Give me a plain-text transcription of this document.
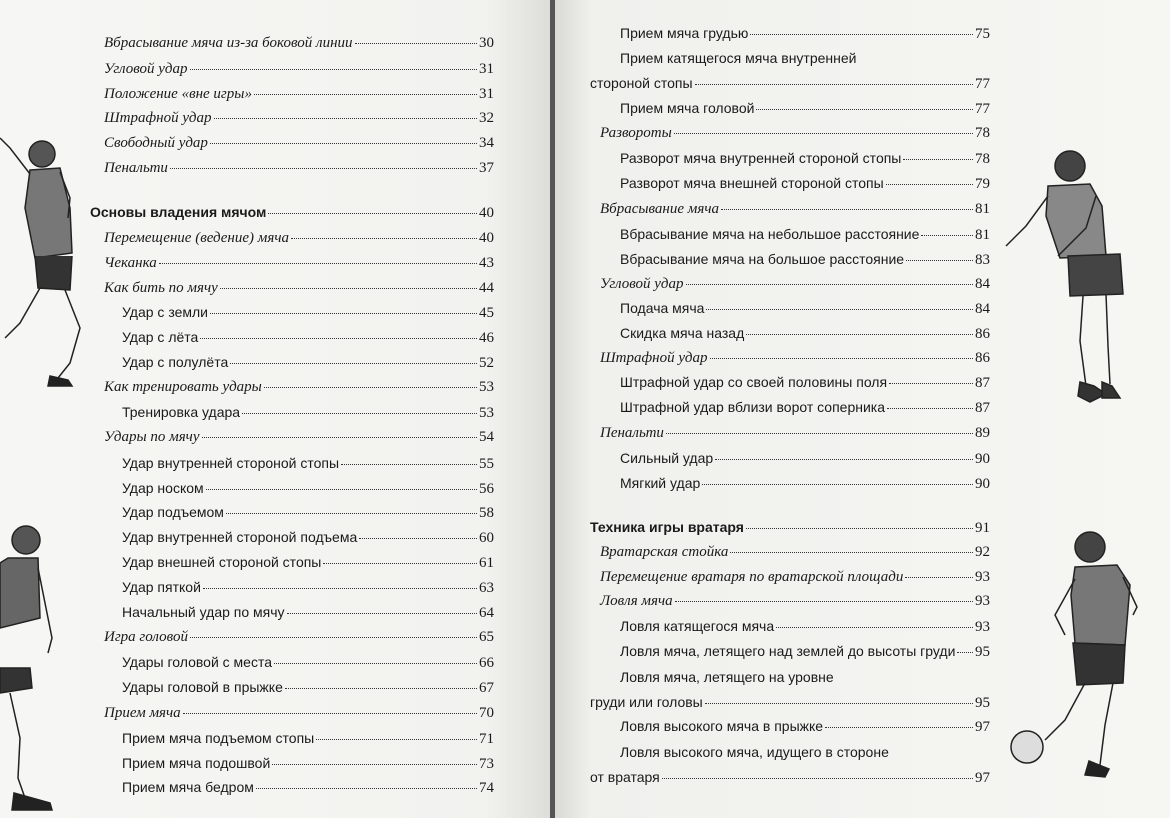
Вбрасывание мяча из-за боковой линии	30
Угловой удар	31
Положение «вне игры»	31
Штрафной удар	32
Свободный удар	34
Пенальти	37
Основы владения мячом	40
Перемещение (ведение) мяча	40
Чеканка	43
Как бить по мячу	44
Удар с земли	45
Удар с лёта	46
Удар с полулёта	52
Как тренировать удары	53
Тренировка удара	53
Удары по мячу	54
Удар внутренней стороной стопы	55
Удар носком	56
Удар подъемом	58
Удар внутренней стороной подъема	60
Удар внешней стороной стопы	61
Удар пяткой	63
Начальный удар по мячу	64
Игра головой	65
Удары головой с места	66
Удары головой в прыжке	67
Прием мяча	70
Прием мяча подъемом стопы	71
Прием мяча подошвой	73
Прием мяча бедром	74
Прием мяча грудью	75
Прием катящегося мяча внутренней
стороной стопы	77
Прием мяча головой	77
Развороты	78
Разворот мяча внутренней стороной стопы	78
Разворот мяча внешней стороной стопы	79
Вбрасывание мяча	81
Вбрасывание мяча на небольшое расстояние	81
Вбрасывание мяча на большое расстояние	83
Угловой удар	84
Подача мяча	84
Скидка мяча назад	86
Штрафной удар	86
Штрафной удар со своей половины поля	87
Штрафной удар вблизи ворот соперника	87
Пенальти	89
Сильный удар	90
Мягкий удар	90
Техника игры вратаря	91
Вратарская стойка	92
Перемещение вратаря по вратарской площади	93
Ловля мяча	93
Ловля катящегося мяча	93
Ловля мяча, летящего над землей до высоты груди 95
Ловля мяча, летящего на уровне
груди или головы	95
Ловля высокого мяча в прыжке	97
Ловля высокого мяча, идущего в стороне
от вратаря	97
